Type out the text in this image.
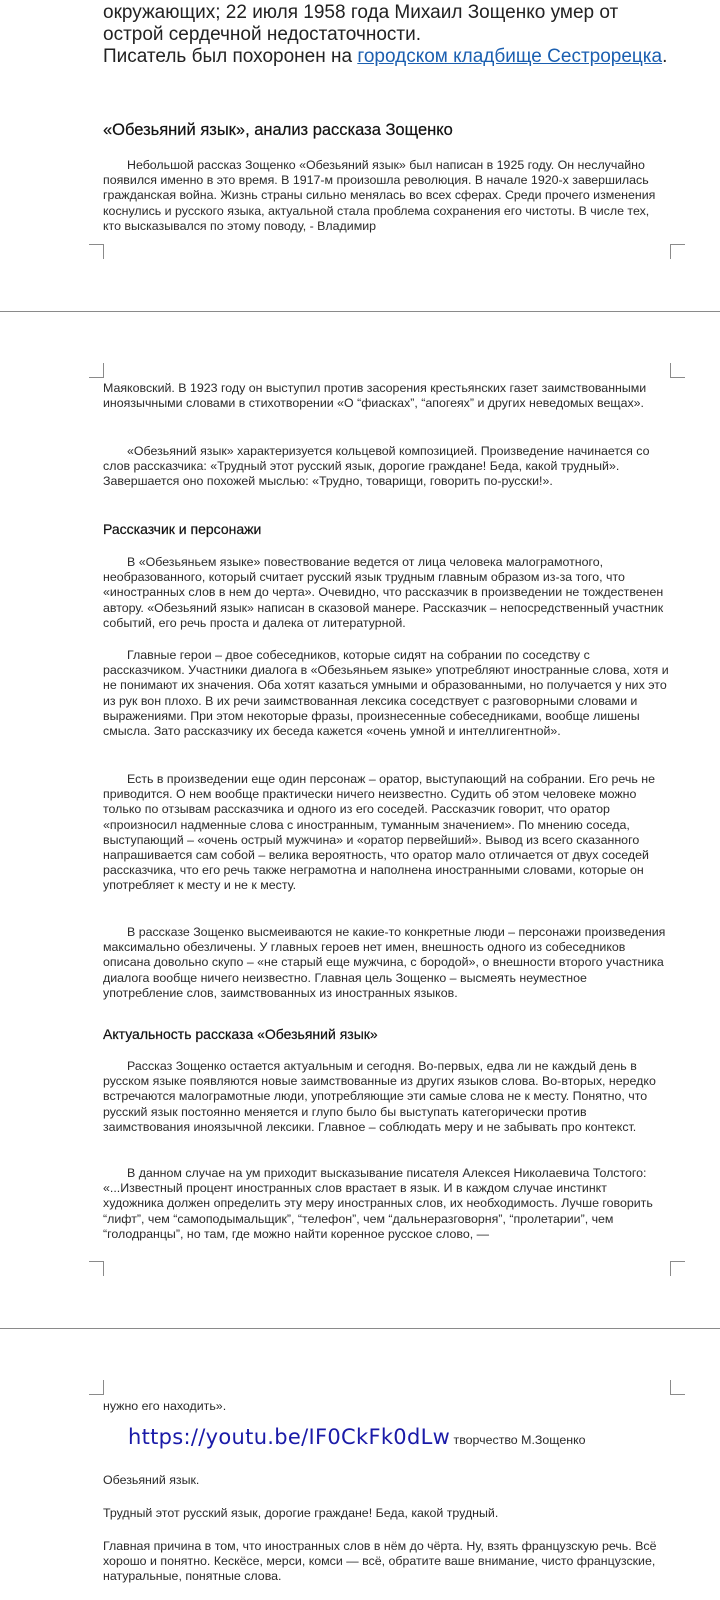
окружающих; 22 июля 1958 года Михаил Зощенко умер от

острой сердечной недостаточности.

Писатель был похоронен на городском кладбище Сестрорецка.

«Обезьяний язык», анализ рассказа Зощенко

Небольшой рассказ Зощенко «Обезьяний язык» был написан в 1925 году. Он неслучайно появился именно в это время. В 1917-м произошла революция. В начале 1920-х завершилась гражданская война. Жизнь страны сильно менялась во всех сферах. Среди прочего изменения коснулись и русского языка, актуальной стала проблема сохранения его чистоты. В числе тех, кто высказывался по этому поводу, - Владимир

Маяковский. В 1923 году он выступил против засорения крестьянских газет заимствованными иноязычными словами в стихотворении «О “фиасках”, “апогеях” и других неведомых вещах».

«Обезьяний язык» характеризуется кольцевой композицией. Произведение начинается со слов рассказчика: «Трудный этот русский язык, дорогие граждане! Беда, какой трудный». Завершается оно похожей мыслью: «Трудно, товарищи, говорить по-русски!».

Рассказчик и персонажи

В «Обезьяньем языке» повествование ведется от лица человека малограмотного, необразованного, который считает русский язык трудным главным образом из-за того, что «иностранных слов в нем до черта». Очевидно, что рассказчик в произведении не тождественен автору. «Обезьяний язык» написан в сказовой манере. Рассказчик – непосредственный участник событий, его речь проста и далека от литературной.

Главные герои – двое собеседников, которые сидят на собрании по соседству с рассказчиком. Участники диалога в «Обезьяньем языке» употребляют иностранные слова, хотя и не понимают их значения. Оба хотят казаться умными и образованными, но получается у них это из рук вон плохо. В их речи заимствованная лексика соседствует с разговорными словами и выражениями. При этом некоторые фразы, произнесенные собеседниками, вообще лишены смысла. Зато рассказчику их беседа кажется «очень умной и интеллигентной».

Есть в произведении еще один персонаж – оратор, выступающий на собрании. Его речь не приводится. О нем вообще практически ничего неизвестно. Судить об этом человеке можно только по отзывам рассказчика и одного из его соседей. Рассказчик говорит, что оратор «произносил надменные слова с иностранным, туманным значением». По мнению соседа, выступающий – «очень острый мужчина» и «оратор первейший». Вывод из всего сказанного напрашивается сам собой – велика вероятность, что оратор мало отличается от двух соседей рассказчика, что его речь также неграмотна и наполнена иностранными словами, которые он употребляет к месту и не к месту.

В рассказе Зощенко высмеиваются не какие-то конкретные люди – персонажи произведения максимально обезличены. У главных героев нет имен, внешность одного из собеседников описана довольно скупо – «не старый еще мужчина, с бородой», о внешности второго участника диалога вообще ничего неизвестно. Главная цель Зощенко – высмеять неуместное употребление слов, заимствованных из иностранных языков.

Актуальность рассказа «Обезьяний язык»

Рассказ Зощенко остается актуальным и сегодня. Во-первых, едва ли не каждый день в русском языке появляются новые заимствованные из других языков слова. Во-вторых, нередко встречаются малограмотные люди, употребляющие эти самые слова не к месту. Понятно, что русский язык постоянно меняется и глупо было бы выступать категорически против заимствования иноязычной лексики. Главное – соблюдать меру и не забывать про контекст.

В данном случае на ум приходит высказывание писателя Алексея Николаевича Толстого: «...Известный процент иностранных слов врастает в язык. И в каждом случае инстинкт художника должен определить эту меру иностранных слов, их необходимость. Лучше говорить “лифт”, чем “самоподымальщик”, “телефон”, чем “дальнеразговорня”, “пролетарии”, чем “голодранцы”, но там, где можно найти коренное русское слово, —

нужно его находить».

https://youtu.be/IF0CkFk0dLw творчество М.Зощенко

Обезьяний язык.

Трудный этот русский язык, дорогие граждане! Беда, какой трудный.

Главная причина в том, что иностранных слов в нём до чёрта. Ну, взять французскую речь. Всё хорошо и понятно. Кескёсе, мерси, комси — всё, обратите ваше внимание, чисто французские, натуральные, понятные слова.
